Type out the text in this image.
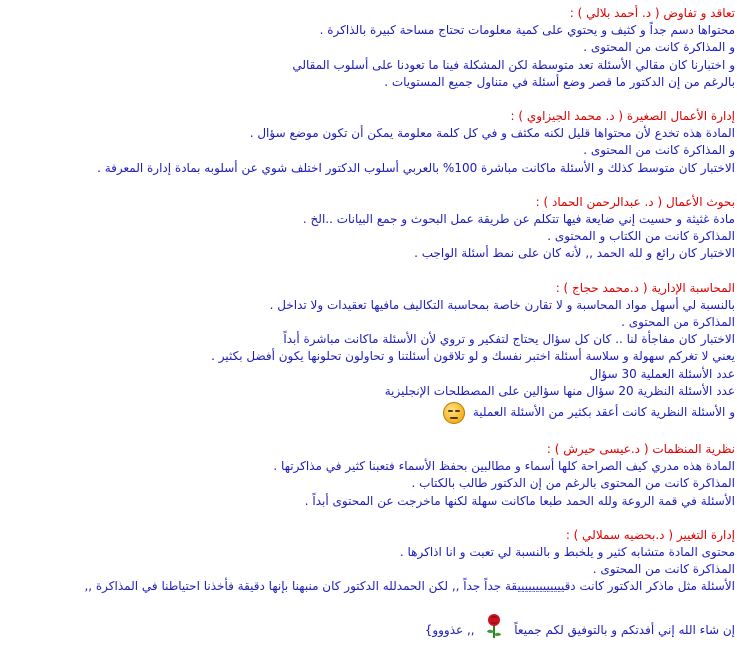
تعاقد و تفاوض ( د. أحمد بلالي ) :
محتواها دسم جداً و كثيف و يحتوي على كمية معلومات تحتاج مساحة كبيرة بالذاكرة .
و المذاكرة كانت من المحتوى .
و اختبارنا كان مقالي الأسئلة تعد متوسطة لكن المشكلة فينا ما تعودنا على أسلوب المقالي
بالرغم من إن الدكتور ما قصر وضع أسئلة في متناول جميع المستويات .
إدارة الأعمال الصغيرة ( د. محمد الجيزاوي ) :
المادة هذه تخدع لأن محتواها قليل لكنه مكثف و في كل كلمة معلومة يمكن أن تكون موضع سؤال .
و المذاكرة كانت من المحتوى .
الاختبار كان متوسط كذلك و الأسئلة ماكانت مباشرة 100% بالعربي أسلوب الدكتور اختلف شوي عن أسلوبه بمادة إدارة المعرفة .
بحوث الأعمال ( د. عبدالرحمن الحماد ) :
مادة غثيثة و حسيت إني ضايعة فيها تتكلم عن طريقة عمل البحوث و جمع البيانات ..الخ .
المذاكرة كانت من الكتاب و المحتوى .
الاختبار كان رائع و لله الحمد ,, لأنه كان على نمط أسئلة الواجب .
المحاسبة الإدارية ( د.محمد حجاج ) :
بالنسبة لي أسهل مواد المحاسبة و لا تقارن خاصة بمحاسبة التكاليف مافيها تعقيدات ولا تداخل .
المذاكرة من المحتوى .
الاختبار كان مفاجأة لنا .. كان كل سؤال يحتاج لتفكير و تروي لأن الأسئلة ماكانت مباشرة أبداً
يعني لا تغركم سهولة و سلاسة أسئلة اختبر نفسك و لو تلاقون أسئلتنا و تحاولون تحلونها يكون أفضل بكثير .
عدد الأسئلة العملية 30 سؤال
عدد الأسئلة النظرية 20 سؤال منها سؤالين على المصطلحات الإنجليزية
و الأسئلة النظرية كانت أعقد بكثير من الأسئلة العملية
نظرية المنظمات ( د.عيسى حيرش ) :
المادة هذه مدري كيف الصراحة كلها أسماء و مطالبين بحفظ الأسماء فتعبنا كثير في مذاكرتها .
المذاكرة كانت من المحتوى بالرغم من إن الدكتور طالب بالكتاب .
الأسئلة في قمة الروعة ولله الحمد طبعا ماكانت سهلة لكنها ماخرجت عن المحتوى أبداً .
إدارة التغيير ( د.بحضيه سملالي ) :
محتوى المادة متشابه كثير و يلخبط و بالنسبة لي تعبت و انا اذاكرها .
المذاكرة كانت من المحتوى .
الأسئلة مثل ماذكر الدكتور كانت دقيييييييييييييقة جداً جداً ,, لكن الحمدلله الدكتور كان منبهنا بإنها دقيقة فأخذنا احتياطنا في المذاكرة ,,
إن شاء الله إني أفدتكم و بالتوفيق لكم جميعاً  ,, عذووو}
